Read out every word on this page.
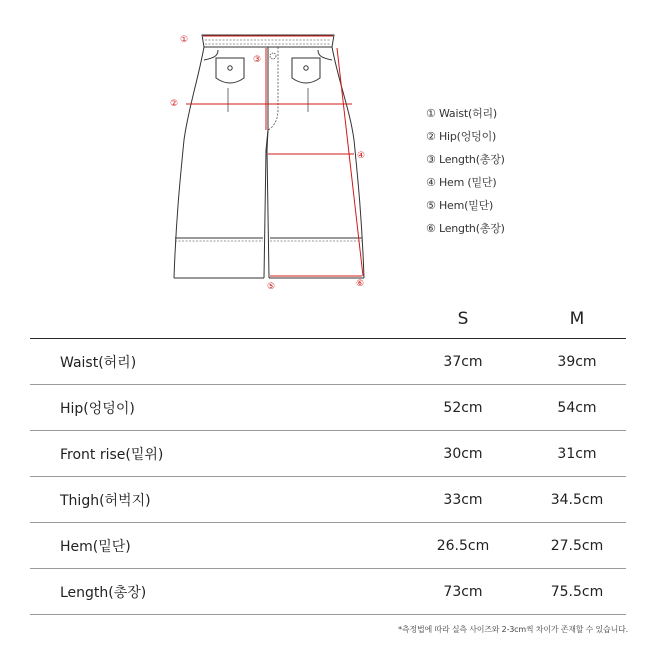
①
②
③
④
⑤	⑥
① Waist(허리)
② Hip(엉덩이)
③ Length(총장)
④ Hem (밑단)
⑤ Hem(밑단)
⑥ Length(총장)
S	M
Waist(허리)	37cm	39cm
Hip(엉덩이)	52cm	54cm
Front rise(밑위)	30cm	31cm
Thigh(허벅지)	33cm	34.5cm
Hem(밑단)	26.5cm	27.5cm
Length(총장)	73cm	75.5cm
*측정법에 따라 실측 사이즈와 2-3cm씩 차이가 존재할 수 있습니다.
